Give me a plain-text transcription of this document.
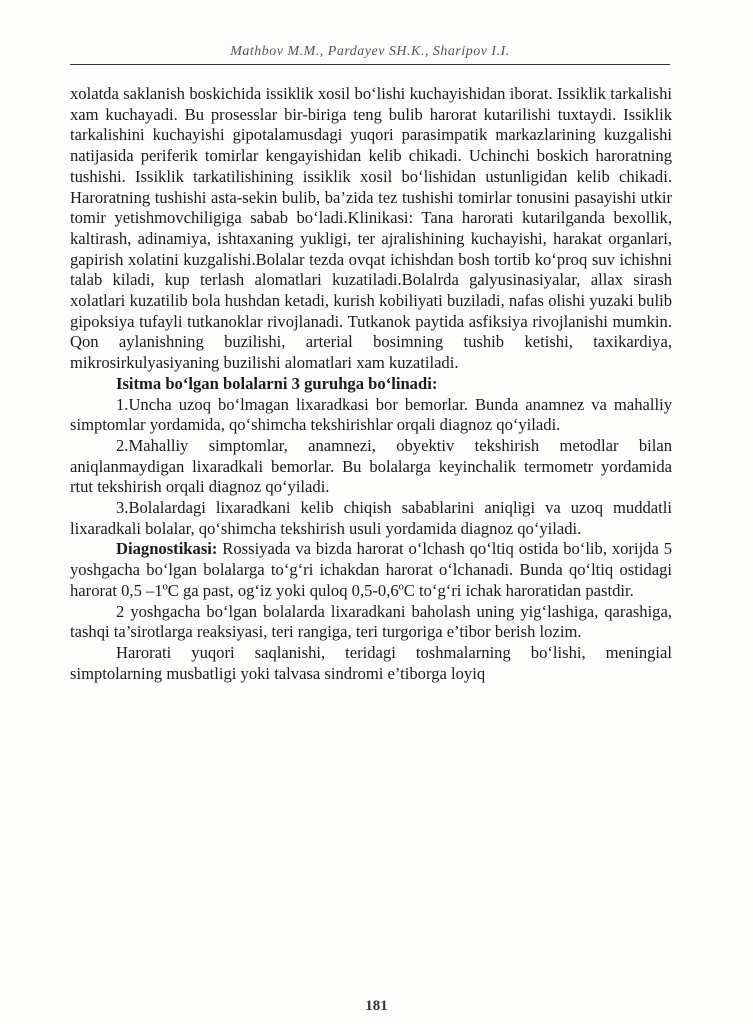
Mathbov M.M., Pardayev SH.K., Sharipov I.I.

xolatda saklanish boskichida issiklik xosil bo‘lishi kuchayishidan iborat. Issiklik tarkalishi xam kuchayadi. Bu prosesslar bir-biriga teng bulib harorat kutarilishi tuxtaydi. Issiklik tarkalishini kuchayishi gipotalamusdagi yuqori parasimpatik markazlarining kuzgalishi natijasida periferik tomirlar kengayishidan kelib chikadi. Uchinchi boskich haroratning tushishi. Issiklik tarkatilishining issiklik xosil bo‘lishidan ustunligidan kelib chikadi. Haroratning tushishi asta-sekin bulib, ba’zida tez tushishi tomirlar tonusini pasayishi utkir tomir yetishmovchiligiga sabab bo‘ladi.Klinikasi: Tana harorati kutarilganda bexollik, kaltirash, adinamiya, ishtaxaning yukligi, ter ajralishining kuchayishi, harakat organlari, gapirish xolatini kuzgalishi.Bolalar tezda ovqat ichishdan bosh tortib ko‘proq suv ichishni talab kiladi, kup terlash alomatlari kuzatiladi.Bolalrda galyusinasiyalar, allax sirash xolatlari kuzatilib bola hushdan ketadi, kurish kobiliyati buziladi, nafas olishi yuzaki bulib gipoksiya tufayli tutkanoklar rivojlanadi. Tutkanok paytida asfiksiya rivojlanishi mumkin. Qon aylanishning buzilishi, arterial bosimning tushib ketishi, taxikardiya, mikrosirkulyasiyaning buzilishi alomatlari xam kuzatiladi.

Isitma bo‘lgan bolalarni 3 guruhga bo‘linadi:

1.Uncha uzoq bo‘lmagan lixaradkasi bor bemorlar. Bunda anamnez va mahalliy simptomlar yordamida, qo‘shimcha tekshirishlar orqali diagnoz qo‘yiladi.

2.Mahalliy simptomlar, anamnezi, obyektiv tekshirish metodlar bilan aniqlanmaydigan lixaradkali bemorlar. Bu bolalarga keyinchalik termometr yordamida rtut tekshirish orqali diagnoz qo‘yiladi.

3.Bolalardagi lixaradkani kelib chiqish sabablarini aniqligi va uzoq muddatli lixaradkali bolalar, qo‘shimcha tekshirish usuli yordamida diagnoz qo‘yiladi.

Diagnostikasi: Rossiyada va bizda harorat o‘lchash qo‘ltiq ostida bo‘lib, xorijda 5 yoshgacha bo‘lgan bolalarga to‘g‘ri ichakdan harorat o‘lchanadi. Bunda qo‘ltiq ostidagi harorat 0,5 –1ºC ga past, og‘iz yoki quloq 0,5-0,6ºC to‘g‘ri ichak haroratidan pastdir.

2 yoshgacha bo‘lgan bolalarda lixaradkani baholash uning yig‘lashiga, qarashiga, tashqi ta’sirotlarga reaksiyasi, teri rangiga, teri turgoriga e’tibor berish lozim.

Harorati yuqori saqlanishi, teridagi toshmalarning bo‘lishi, meningial simptolarning musbatligi yoki talvasa sindromi e’tiborga loyiq

181
